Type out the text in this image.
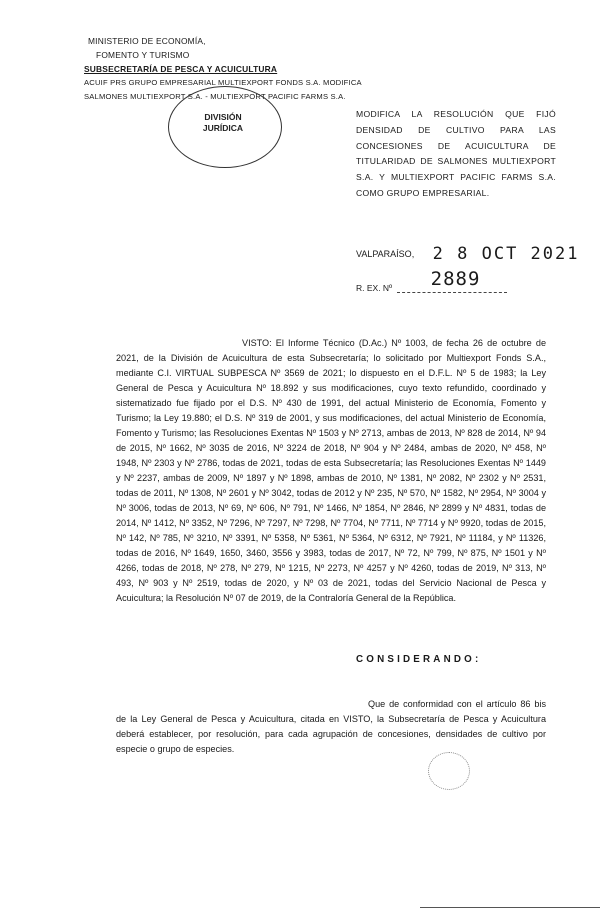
MINISTERIO DE ECONOMÍA,
FOMENTO Y TURISMO
SUBSECRETARÍA DE PESCA Y ACUICULTURA
ACUIF PRS GRUPO EMPRESARIAL MULTIEXPORT FONDS S.A. MODIFICA
SALMONES MULTIEXPORT S.A. - MULTIEXPORT PACIFIC FARMS S.A.
DIVISIÓN JURÍDICA
MODIFICA LA RESOLUCIÓN QUE FIJÓ DENSIDAD DE CULTIVO PARA LAS CONCESIONES DE ACUICULTURA DE TITULARIDAD DE SALMONES MULTIEXPORT S.A. Y MULTIEXPORT PACIFIC FARMS S.A. COMO GRUPO EMPRESARIAL.
VALPARAÍSO, 2 8 OCT 2021
R. EX. Nº 2889
VISTO: El Informe Técnico (D.Ac.) Nº 1003, de fecha 26 de octubre de 2021, de la División de Acuicultura de esta Subsecretaría; lo solicitado por Multiexport Fonds S.A., mediante C.I. VIRTUAL SUBPESCA Nº 3569 de 2021; lo dispuesto en el D.F.L. Nº 5 de 1983; la Ley General de Pesca y Acuicultura Nº 18.892 y sus modificaciones, cuyo texto refundido, coordinado y sistematizado fue fijado por el D.S. Nº 430 de 1991, del actual Ministerio de Economía, Fomento y Turismo; la Ley 19.880; el D.S. Nº 319 de 2001, y sus modificaciones, del actual Ministerio de Economía, Fomento y Turismo; las Resoluciones Exentas Nº 1503 y Nº 2713, ambas de 2013, Nº 828 de 2014, Nº 94 de 2015, Nº 1662, Nº 3035 de 2016, Nº 3224 de 2018, Nº 904 y Nº 2484, ambas de 2020, Nº 458, Nº 1948, Nº 2303 y Nº 2786, todas de 2021, todas de esta Subsecretaría; las Resoluciones Exentas Nº 1449 y Nº 2237, ambas de 2009, Nº 1897 y Nº 1898, ambas de 2010, Nº 1381, Nº 2082, Nº 2302 y Nº 2531, todas de 2011, Nº 1308, Nº 2601 y Nº 3042, todas de 2012 y Nº 235, Nº 570, Nº 1582, Nº 2954, Nº 3004 y Nº 3006, todas de 2013, Nº 69, Nº 606, Nº 791, Nº 1466, Nº 1854, Nº 2846, Nº 2899 y Nº 4831, todas de 2014, Nº 1412, Nº 3352, Nº 7296, Nº 7297, Nº 7298, Nº 7704, Nº 7711, Nº 7714 y Nº 9920, todas de 2015, Nº 142, Nº 785, Nº 3210, Nº 3391, Nº 5358, Nº 5361, Nº 5364, Nº 6312, Nº 7921, Nº 11184, y Nº 11326, todas de 2016, Nº 1649, 1650, 3460, 3556 y 3983, todas de 2017, Nº 72, Nº 799, Nº 875, Nº 1501 y Nº 4266, todas de 2018, Nº 278, Nº 279, Nº 1215, Nº 2273, Nº 4257 y Nº 4260, todas de 2019, Nº 313, Nº 493, Nº 903 y Nº 2519, todas de 2020, y Nº 03 de 2021, todas del Servicio Nacional de Pesca y Acuicultura; la Resolución Nº 07 de 2019, de la Contraloría General de la República.
CONSIDERANDO:
Que de conformidad con el artículo 86 bis de la Ley General de Pesca y Acuicultura, citada en VISTO, la Subsecretaría de Pesca y Acuicultura deberá establecer, por resolución, para cada agrupación de concesiones, densidades de cultivo por especie o grupo de especies.
